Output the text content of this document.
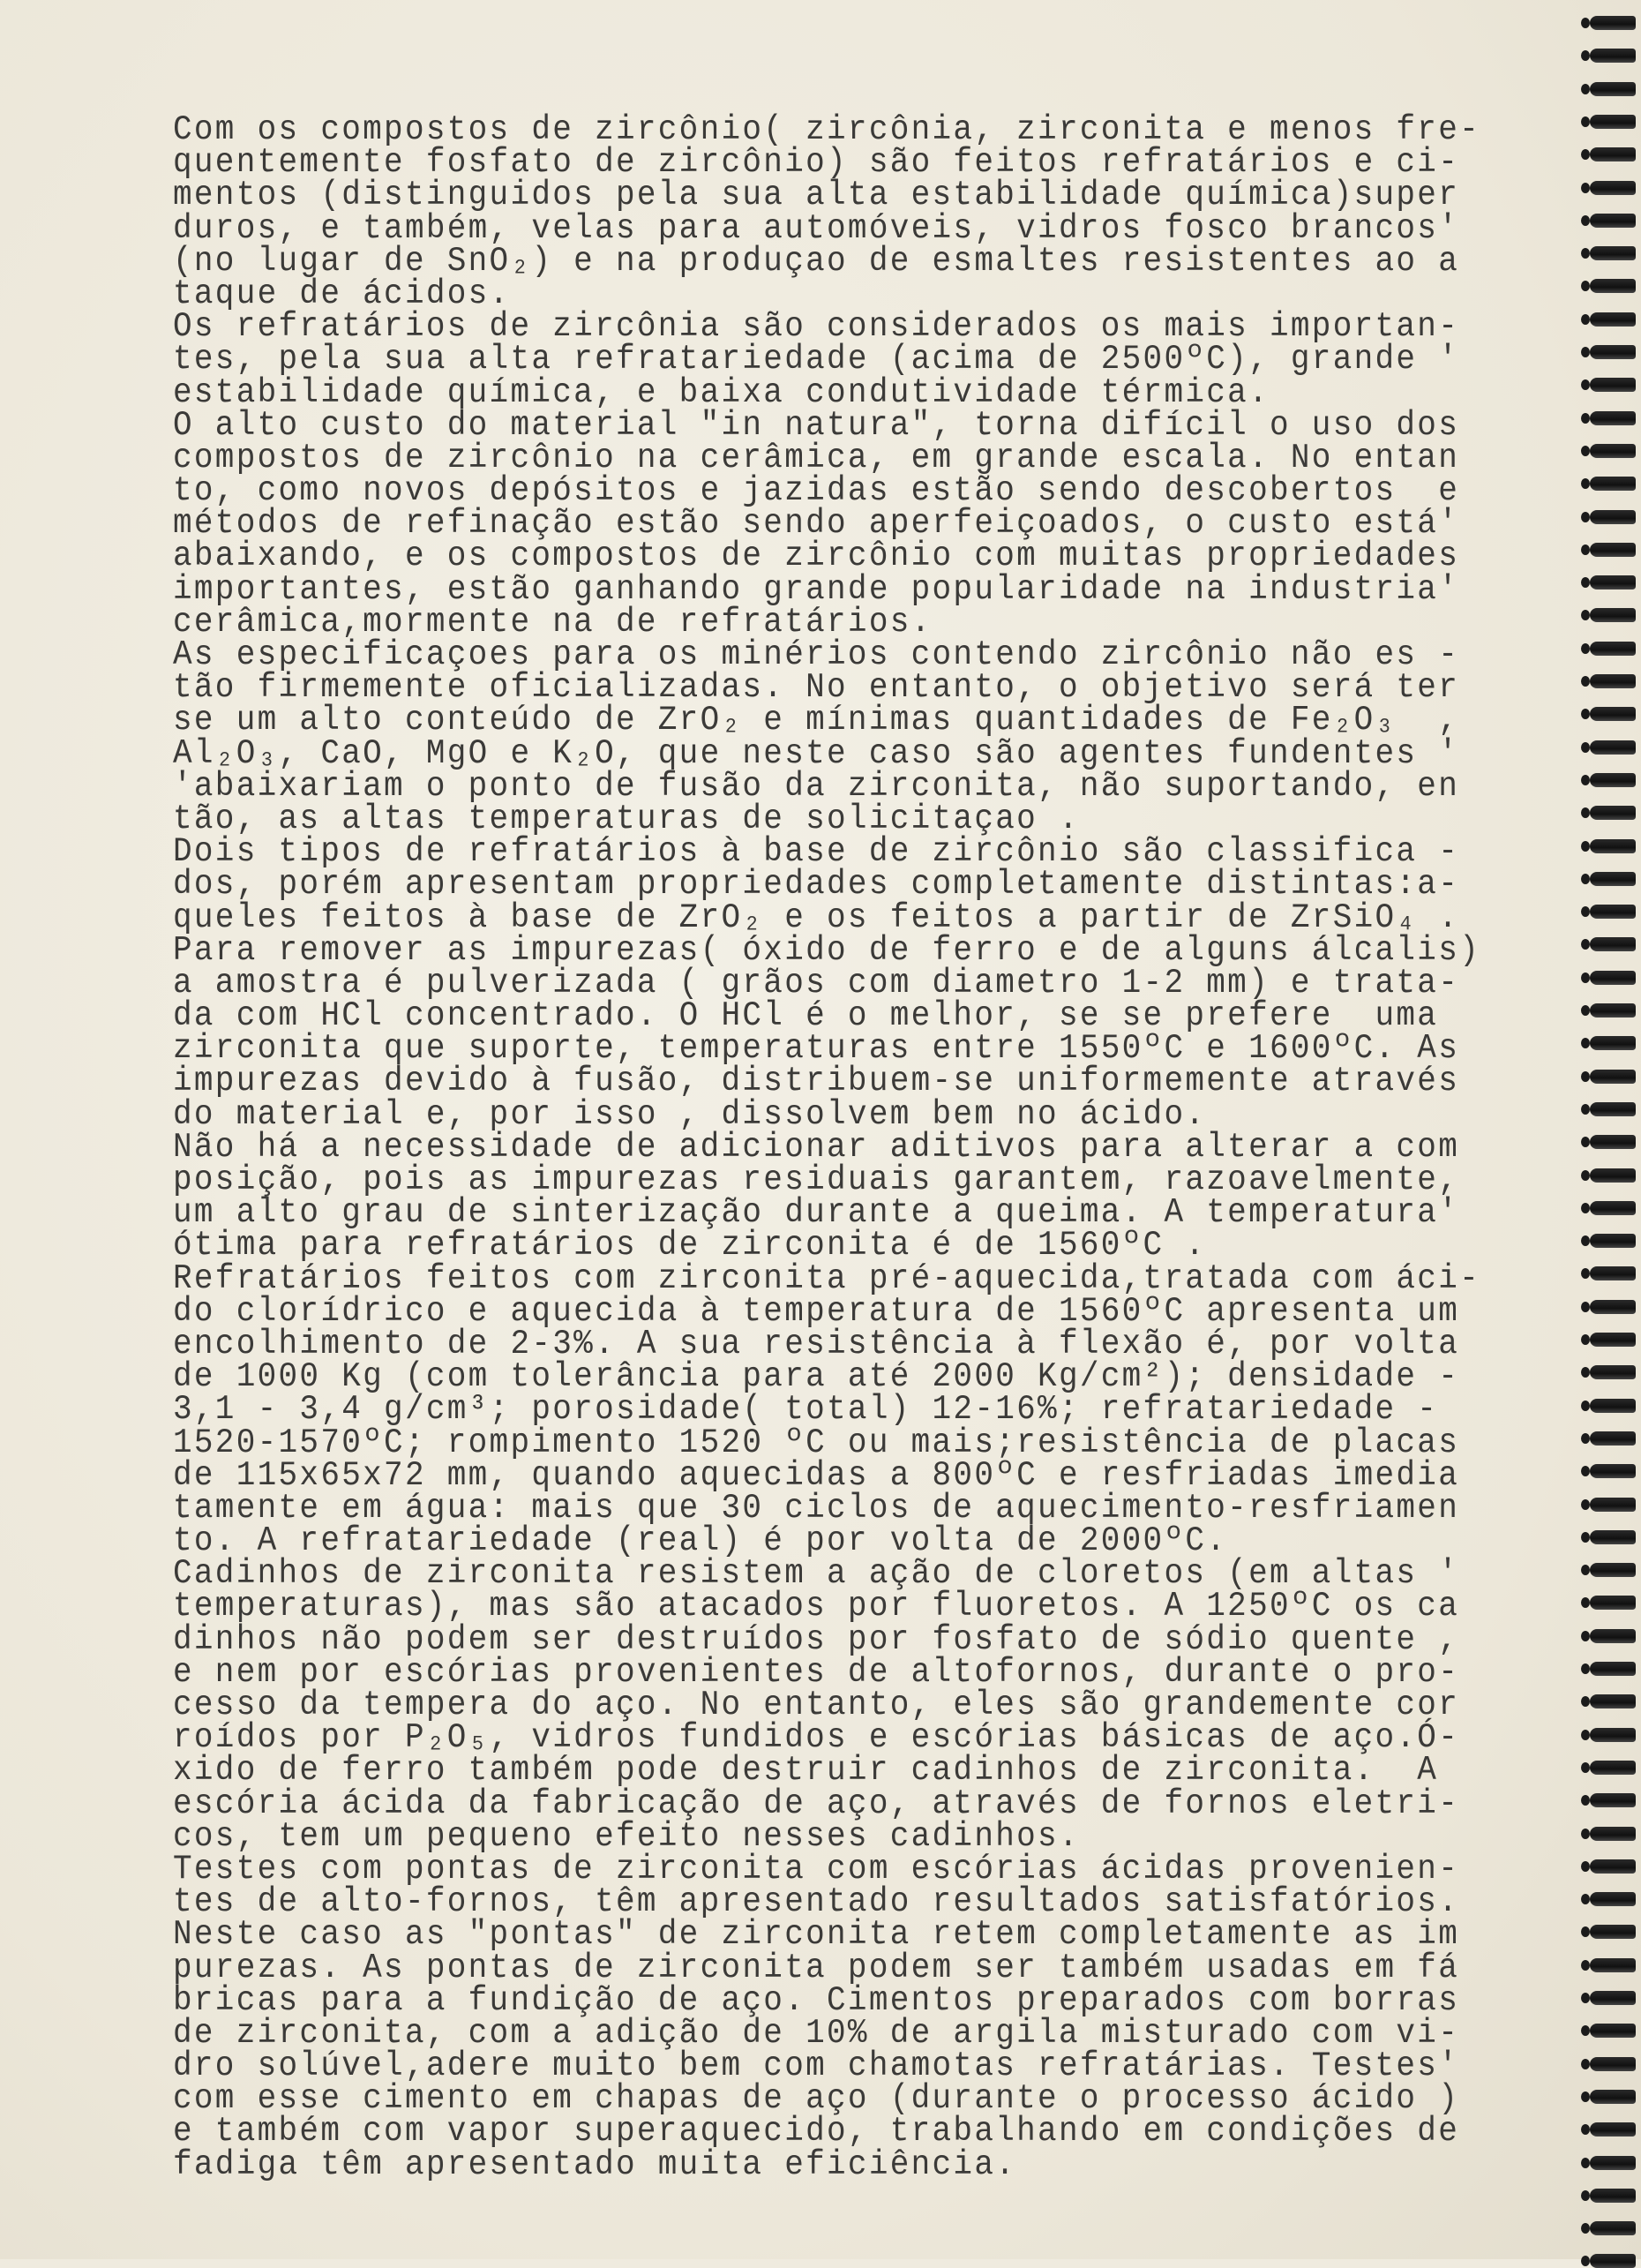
Com os compostos de zircônio( zircônia, zirconita e menos fre-
quentemente fosfato de zircônio) são feitos refratários e ci-
mentos (distinguidos pela sua alta estabilidade química)super
duros, e também, velas para automóveis, vidros fosco brancos'
(no lugar de SnO₂) e na produçao de esmaltes resistentes ao a
taque de ácidos.
Os refratários de zircônia são considerados os mais importan-
tes, pela sua alta refratariedade (acima de 2500ºC), grande '
estabilidade química, e baixa condutividade térmica.
O alto custo do material "in natura", torna difícil o uso dos
compostos de zircônio na cerâmica, em grande escala. No entan
to, como novos depósitos e jazidas estão sendo descobertos  e
métodos de refinação estão sendo aperfeiçoados, o custo está'
abaixando, e os compostos de zircônio com muitas propriedades
importantes, estão ganhando grande popularidade na industria'
cerâmica,mormente na de refratários.
As especificaçoes para os minérios contendo zircônio não es -
tão firmemente oficializadas. No entanto, o objetivo será ter
se um alto conteúdo de ZrO₂ e mínimas quantidades de Fe₂O₃  ,
Al₂O₃, CaO, MgO e K₂O, que neste caso são agentes fundentes '
'abaixariam o ponto de fusão da zirconita, não suportando, en
tão, as altas temperaturas de solicitaçao .
Dois tipos de refratários à base de zircônio são classifica -
dos, porém apresentam propriedades completamente distintas:a-
queles feitos à base de ZrO₂ e os feitos a partir de ZrSiO₄ .
Para remover as impurezas( óxido de ferro e de alguns álcalis)
a amostra é pulverizada ( grãos com diametro 1-2 mm) e trata-
da com HCl concentrado. O HCl é o melhor, se se prefere  uma
zirconita que suporte, temperaturas entre 1550ºC e 1600ºC. As
impurezas devido à fusão, distribuem-se uniformemente através
do material e, por isso , dissolvem bem no ácido.
Não há a necessidade de adicionar aditivos para alterar a com
posição, pois as impurezas residuais garantem, razoavelmente,
um alto grau de sinterização durante a queima. A temperatura'
ótima para refratários de zirconita é de 1560ºC .
Refratários feitos com zirconita pré-aquecida,tratada com áci-
do clorídrico e aquecida à temperatura de 1560ºC apresenta um
encolhimento de 2-3%. A sua resistência à flexão é, por volta
de 1000 Kg (com tolerância para até 2000 Kg/cm²); densidade -
3,1 - 3,4 g/cm³; porosidade( total) 12-16%; refratariedade -
1520-1570ºC; rompimento 1520 ºC ou mais;resistência de placas
de 115x65x72 mm, quando aquecidas a 800ºC e resfriadas imedia
tamente em água: mais que 30 ciclos de aquecimento-resfriamen
to. A refratariedade (real) é por volta de 2000ºC.
Cadinhos de zirconita resistem a ação de cloretos (em altas '
temperaturas), mas são atacados por fluoretos. A 1250ºC os ca
dinhos não podem ser destruídos por fosfato de sódio quente ,
e nem por escórias provenientes de altofornos, durante o pro-
cesso da tempera do aço. No entanto, eles são grandemente cor
roídos por P₂O₅, vidros fundidos e escórias básicas de aço.Ó-
xido de ferro também pode destruir cadinhos de zirconita.  A
escória ácida da fabricação de aço, através de fornos eletri-
cos, tem um pequeno efeito nesses cadinhos.
Testes com pontas de zirconita com escórias ácidas provenien-
tes de alto-fornos, têm apresentado resultados satisfatórios.
Neste caso as "pontas" de zirconita retem completamente as im
purezas. As pontas de zirconita podem ser também usadas em fá
bricas para a fundição de aço. Cimentos preparados com borras
de zirconita, com a adição de 10% de argila misturado com vi-
dro solúvel,adere muito bem com chamotas refratárias. Testes'
com esse cimento em chapas de aço (durante o processo ácido )
e também com vapor superaquecido, trabalhando em condições de
fadiga têm apresentado muita eficiência.
